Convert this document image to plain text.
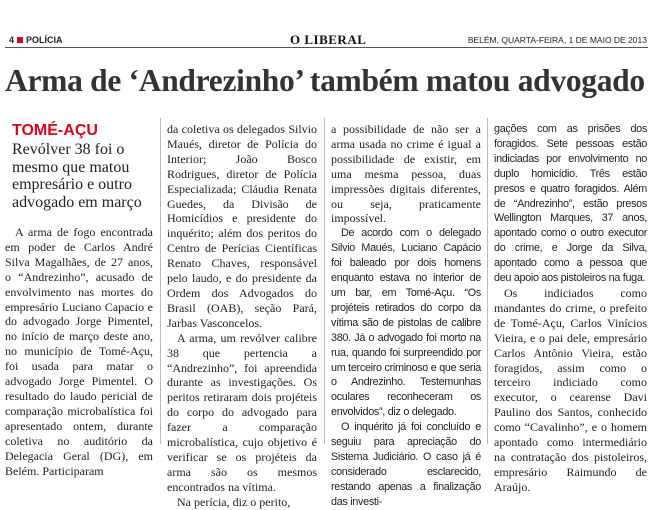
4 POLÍCIA	O LIBERAL	BELÉM, QUARTA-FEIRA, 1 DE MAIO DE 2013
Arma de ‘Andrezinho’ também matou advogado
TOMÉ-AÇU
Revólver 38 foi o mesmo que matou empresário e outro advogado em março

A arma de fogo encontrada em poder de Carlos André Silva Magalhães, de 27 anos, o “Andrezinho”, acusado de envolvimento nas mortes do empresário Luciano Capacio e do advogado Jorge Pimentel, no início de março deste ano, no município de Tomé-Açu, foi usada para matar o advogado Jorge Pimentel. O resultado do laudo pericial de comparação microbalística foi apresentado ontem, durante coletiva no auditório da Delegacia Geral (DG), em Belém. Participaram

da coletiva os delegados Silvio Maués, diretor de Polícia do Interior; João Bosco Rodrigues, diretor de Polícia Especializada; Cláudia Renata Guedes, da Divisão de Homicídios e presidente do inquérito; além dos peritos do Centro de Perícias Científicas Renato Chaves, responsável pelo laudo, e do presidente da Ordem dos Advogados do Brasil (OAB), seção Pará, Jarbas Vasconcelos.

A arma, um revólver calibre 38 que pertencia a “Andrezinho”, foi apreendida durante as investigações. Os peritos retiraram dois projéteis do corpo do advogado para fazer a comparação microbalística, cujo objetivo é verificar se os projéteis da arma são os mesmos encontrados na vítima.

Na perícia, diz o perito,

a possibilidade de não ser a arma usada no crime é igual a possibilidade de existir, em uma mesma pessoa, duas impressões digitais diferentes, ou seja, praticamente impossível.

De acordo com o delegado Silvio Maués, Luciano Capácio foi baleado por dois homens enquanto estava no interior de um bar, em Tomé-Açu. “Os projéteis retirados do corpo da vítima são de pistolas de calibre 380. Já o advogado foi morto na rua, quando foi surpreendido por um terceiro criminoso e que seria o Andrezinho. Testemunhas oculares reconheceram os envolvidos”, diz o delegado.

O inquérito já foi concluído e seguiu para apreciação do Sistema Judiciário. O caso já é considerado esclarecido, restando apenas a finalização das investi-

gações com as prisões dos foragidos. Sete pessoas estão indiciadas por envolvimento no duplo homicídio. Três estão presos e quatro foragidos. Além de “Andrezinho”, estão presos Wellington Marques, 37 anos, apontado como o outro executor do crime, e Jorge da Silva, apontado como a pessoa que deu apoio aos pistoleiros na fuga.

Os indiciados como mandantes do crime, o prefeito de Tomé-Açu, Carlos Vinícios Vieira, e o pai dele, empresário Carlos Antônio Vieira, estão foragidos, assim como o terceiro indiciado como executor, o cearense Davi Paulino dos Santos, conhecido como “Cavalinho”, e o homem apontado como intermediário na contratação dos pistoleiros, empresário Raimundo de Araújo.
